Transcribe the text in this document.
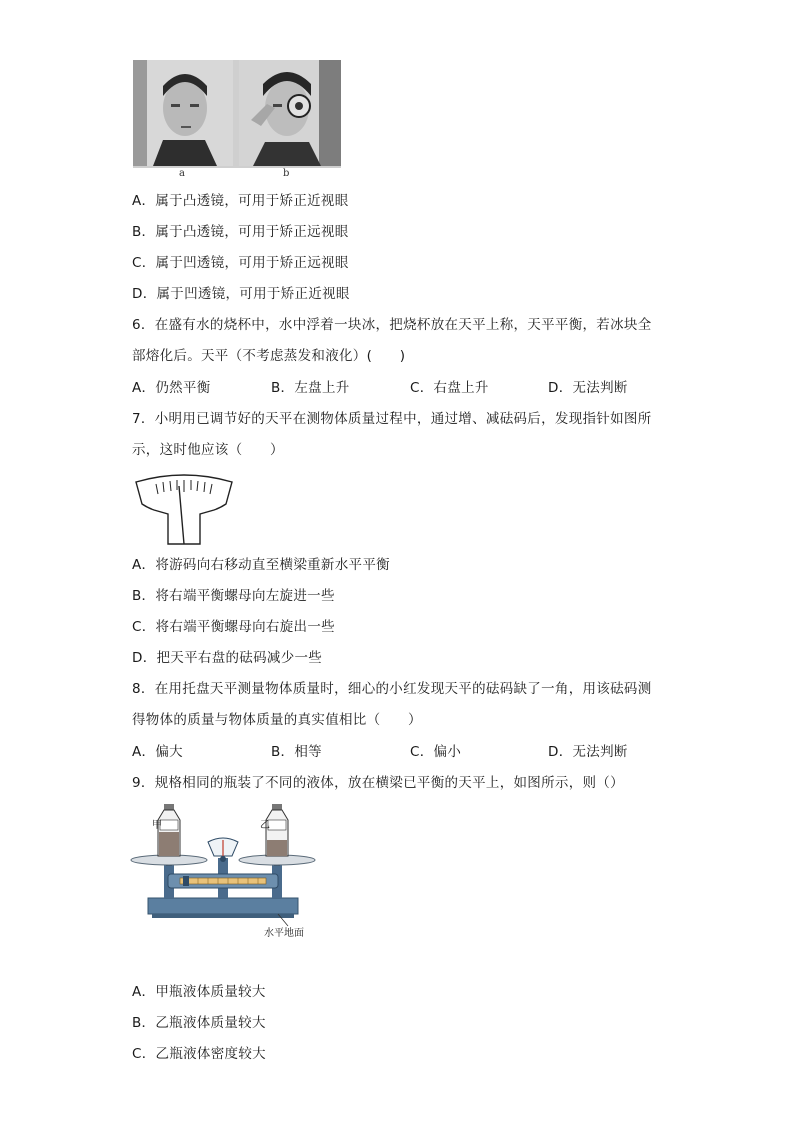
a	b
A．属于凸透镜，可用于矫正近视眼
B．属于凸透镜，可用于矫正远视眼
C．属于凹透镜，可用于矫正远视眼
D．属于凹透镜，可用于矫正近视眼
6．在盛有水的烧杯中，水中浮着一块冰，把烧杯放在天平上称，天平平衡，若冰块全
部熔化后。天平（不考虑蒸发和液化）(　　)
A．仍然平衡	B．左盘上升	C．右盘上升	D．无法判断
7．小明用已调节好的天平在测物体质量过程中，通过增、减砝码后，发现指针如图所
示，这时他应该（　　）
A．将游码向右移动直至横梁重新水平平衡
B．将右端平衡螺母向左旋进一些
C．将右端平衡螺母向右旋出一些
D．把天平右盘的砝码减少一些
8．在用托盘天平测量物体质量时，细心的小红发现天平的砝码缺了一角，用该砝码测
得物体的质量与物体质量的真实值相比（　　）
A．偏大	B．相等	C．偏小	D．无法判断
9．规格相同的瓶装了不同的液体，放在横梁已平衡的天平上，如图所示，则（）
甲	乙
水平地面
A．甲瓶液体质量较大
B．乙瓶液体质量较大
C．乙瓶液体密度较大
